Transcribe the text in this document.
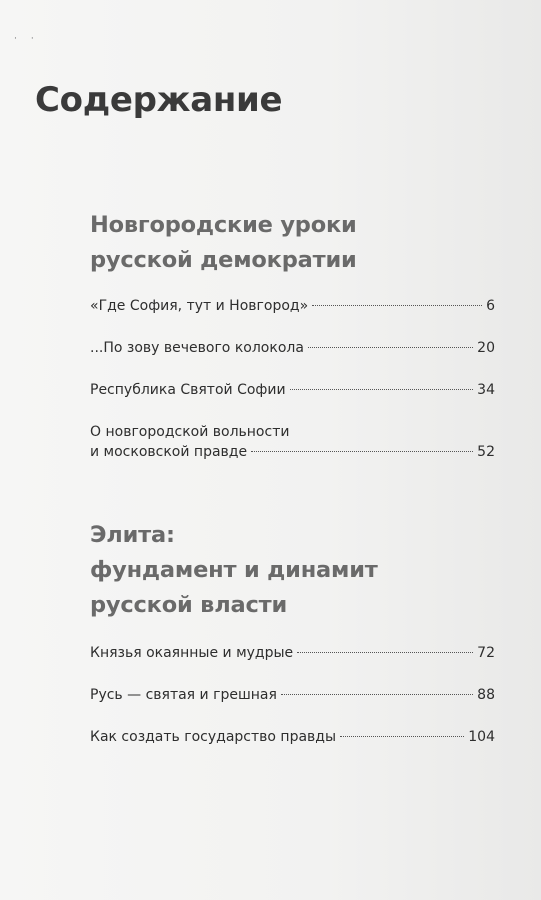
··
Содержание
Новгородские уроки
русской демократии
«Где София, тут и Новгород»	6
...По зову вечевого колокола	20
Республика Святой Софии	34
О новгородской вольности
и московской правде	52
Элита:
фундамент и динамит
русской власти
Князья окаянные и мудрые	72
Русь — святая и грешная	88
Как создать государство правды	104
